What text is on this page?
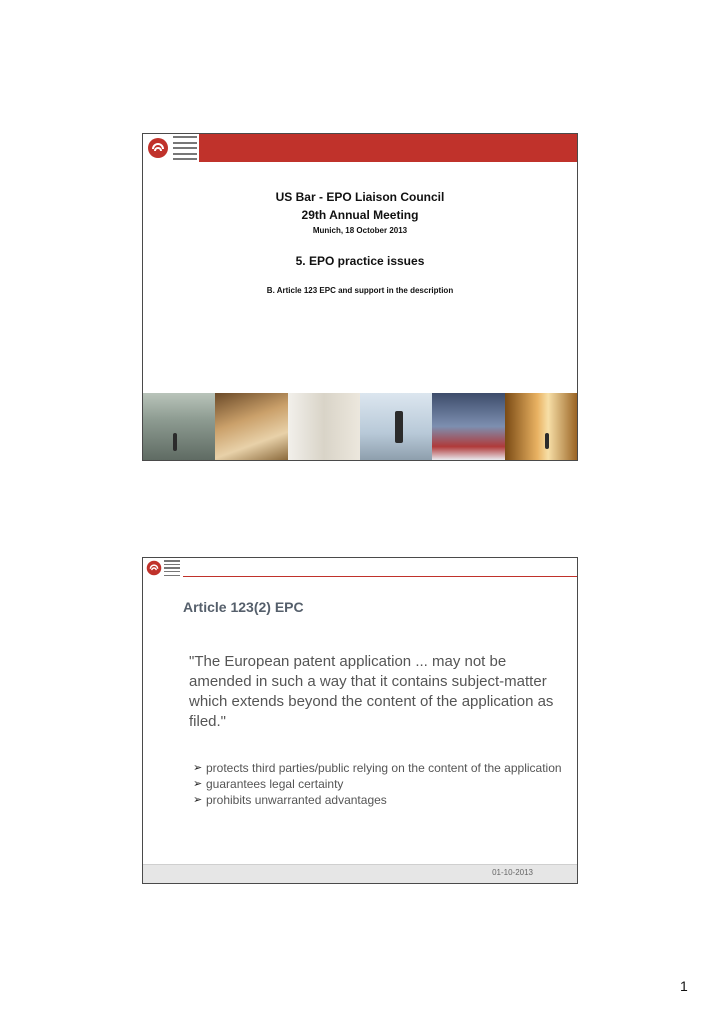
US Bar - EPO Liaison Council
29th Annual Meeting
Munich, 18 October 2013
5. EPO practice issues
B. Article 123 EPC and support in the description
Article 123(2) EPC
"The European patent application ... may not be amended in such a way that it contains subject-matter which extends beyond the content of the application as filed."
➢ protects third parties/public relying on the content of the application
➢ guarantees legal certainty
➢ prohibits unwarranted advantages
01-10-2013
1
